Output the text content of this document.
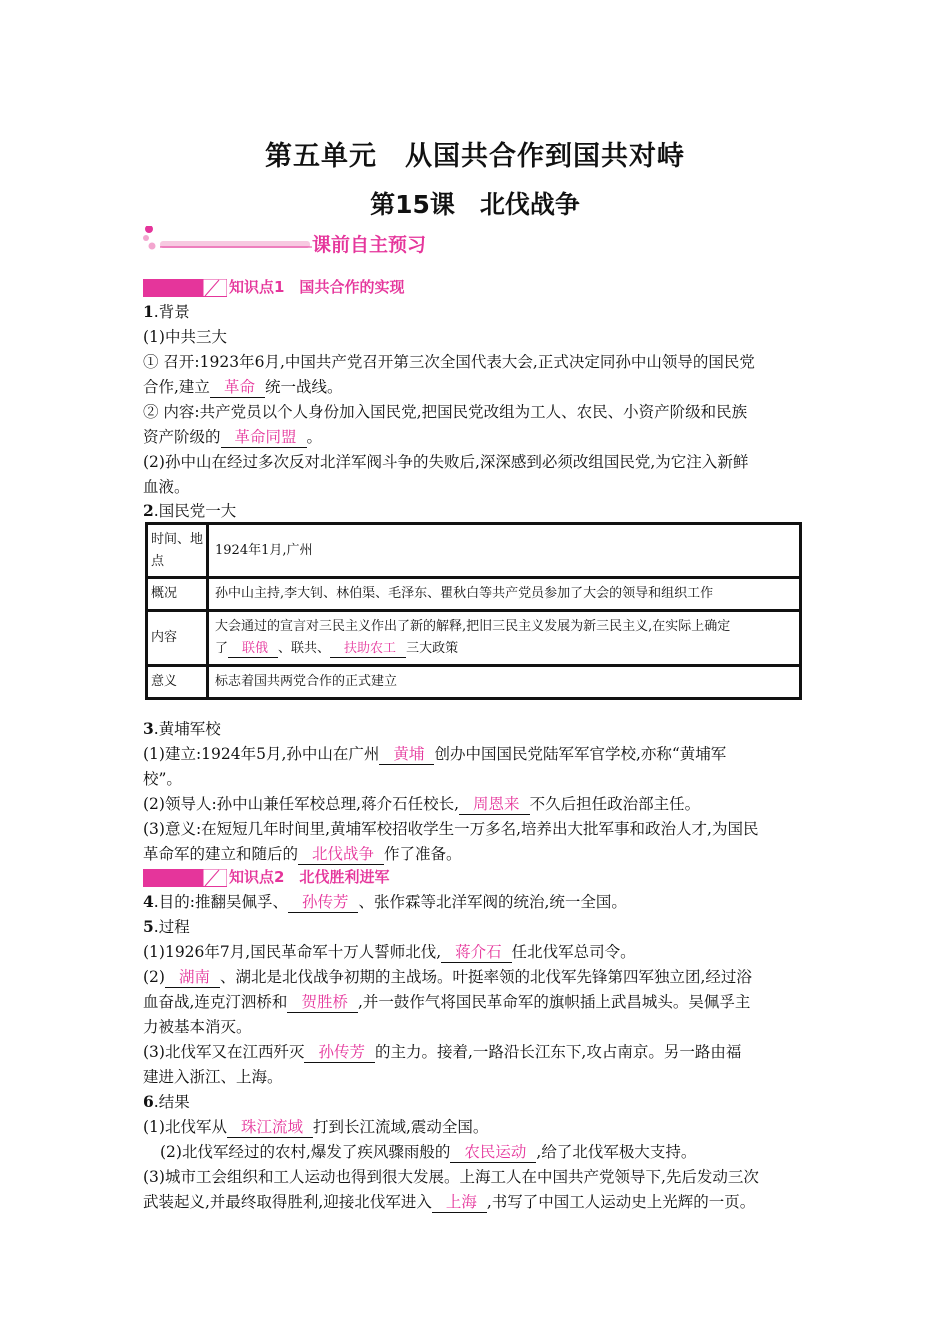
第五单元　从国共合作到国共对峙
第15课　北伐战争
课前自主预习
知识点1　国共合作的实现
1.背景
(1)中共三大
① 召开:1923年6月,中国共产党召开第三次全国代表大会,正式决定同孙中山领导的国民党
合作,建立 革命 统一战线。
② 内容:共产党员以个人身份加入国民党,把国民党改组为工人、农民、小资产阶级和民族
资产阶级的 革命同盟 。
(2)孙中山在经过多次反对北洋军阀斗争的失败后,深深感到必须改组国民党,为它注入新鲜
血液。
2.国民党一大
时间、地点	1924年1月,广州
概况	孙中山主持,李大钊、林伯渠、毛泽东、瞿秋白等共产党员参加了大会的领导和组织工作
内容	大会通过的宣言对三民主义作出了新的解释,把旧三民主义发展为新三民主义,在实际上确定
了 联俄 、联共、 扶助农工 三大政策

意义	标志着国共两党合作的正式建立
3.黄埔军校
(1)建立:1924年5月,孙中山在广州 黄埔 创办中国国民党陆军军官学校,亦称“黄埔军
校”。
(2)领导人:孙中山兼任军校总理,蒋介石任校长, 周恩来 不久后担任政治部主任。
(3)意义:在短短几年时间里,黄埔军校招收学生一万多名,培养出大批军事和政治人才,为国民
革命军的建立和随后的 北伐战争 作了准备。
知识点2　北伐胜利进军
4.目的:推翻吴佩孚、 孙传芳 、张作霖等北洋军阀的统治,统一全国。
5.过程
(1)1926年7月,国民革命军十万人誓师北伐, 蒋介石 任北伐军总司令。
(2) 湖南 、湖北是北伐战争初期的主战场。叶挺率领的北伐军先锋第四军独立团,经过浴
血奋战,连克汀泗桥和 贺胜桥 ,并一鼓作气将国民革命军的旗帜插上武昌城头。吴佩孚主
力被基本消灭。
(3)北伐军又在江西歼灭 孙传芳 的主力。接着,一路沿长江东下,攻占南京。另一路由福
建进入浙江、上海。
6.结果
(1)北伐军从 珠江流域 打到长江流域,震动全国。
(2)北伐军经过的农村,爆发了疾风骤雨般的 农民运动 ,给了北伐军极大支持。
(3)城市工会组织和工人运动也得到很大发展。上海工人在中国共产党领导下,先后发动三次
武装起义,并最终取得胜利,迎接北伐军进入 上海 ,书写了中国工人运动史上光辉的一页。
